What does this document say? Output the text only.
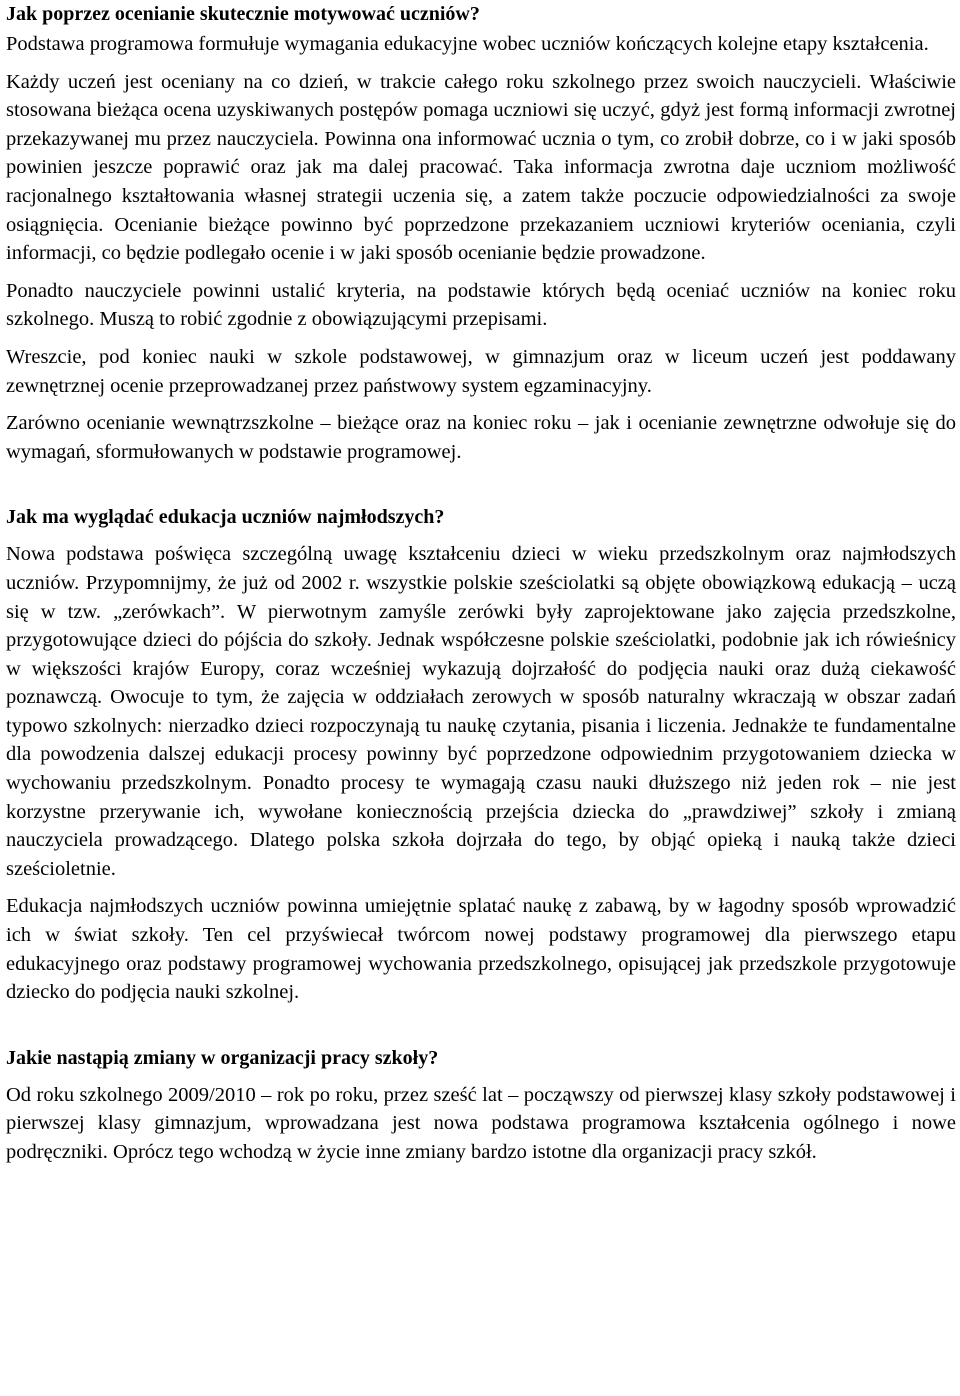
Jak poprzez ocenianie skutecznie motywować uczniów?

Podstawa programowa formułuje wymagania edukacyjne wobec uczniów kończących kolejne etapy kształcenia.

Każdy uczeń jest oceniany na co dzień, w trakcie całego roku szkolnego przez swoich nauczycieli. Właściwie stosowana bieżąca ocena uzyskiwanych postępów pomaga uczniowi się uczyć, gdyż jest formą informacji zwrotnej przekazywanej mu przez nauczyciela. Powinna ona informować ucznia o tym, co zrobił dobrze, co i w jaki sposób powinien jeszcze poprawić oraz jak ma dalej pracować. Taka informacja zwrotna daje uczniom możliwość racjonalnego kształtowania własnej strategii uczenia się, a zatem także poczucie odpowiedzialności za swoje osiągnięcia. Ocenianie bieżące powinno być poprzedzone przekazaniem uczniowi kryteriów oceniania, czyli informacji, co będzie podlegało ocenie i w jaki sposób ocenianie będzie prowadzone.

Ponadto nauczyciele powinni ustalić kryteria, na podstawie których będą oceniać uczniów na koniec roku szkolnego. Muszą to robić zgodnie z obowiązującymi przepisami.

Wreszcie, pod koniec nauki w szkole podstawowej, w gimnazjum oraz w liceum uczeń jest poddawany zewnętrznej ocenie przeprowadzanej przez państwowy system egzaminacyjny.

Zarówno ocenianie wewnątrzszkolne – bieżące oraz na koniec roku – jak i ocenianie zewnętrzne odwołuje się do wymagań, sformułowanych w podstawie programowej.

Jak ma wyglądać edukacja uczniów najmłodszych?

Nowa podstawa poświęca szczególną uwagę kształceniu dzieci w wieku przedszkolnym oraz najmłodszych uczniów. Przypomnijmy, że już od 2002 r. wszystkie polskie sześciolatki są objęte obowiązkową edukacją – uczą się w tzw. „zerówkach”. W pierwotnym zamyśle zerówki były zaprojektowane jako zajęcia przedszkolne, przygotowujące dzieci do pójścia do szkoły. Jednak współczesne polskie sześciolatki, podobnie jak ich rówieśnicy w większości krajów Europy, coraz wcześniej wykazują dojrzałość do podjęcia nauki oraz dużą ciekawość poznawczą. Owocuje to tym, że zajęcia w oddziałach zerowych w sposób naturalny wkraczają w obszar zadań typowo szkolnych: nierzadko dzieci rozpoczynają tu naukę czytania, pisania i liczenia. Jednakże te fundamentalne dla powodzenia dalszej edukacji procesy powinny być poprzedzone odpowiednim przygotowaniem dziecka w wychowaniu przedszkolnym. Ponadto procesy te wymagają czasu nauki dłuższego niż jeden rok – nie jest korzystne przerywanie ich, wywołane koniecznością przejścia dziecka do „prawdziwej” szkoły i zmianą nauczyciela prowadzącego. Dlatego polska szkoła dojrzała do tego, by objąć opieką i nauką także dzieci sześcioletnie.

Edukacja najmłodszych uczniów powinna umiejętnie splatać naukę z zabawą, by w łagodny sposób wprowadzić ich w świat szkoły. Ten cel przyświecał twórcom nowej podstawy programowej dla pierwszego etapu edukacyjnego oraz podstawy programowej wychowania przedszkolnego, opisującej jak przedszkole przygotowuje dziecko do podjęcia nauki szkolnej.

Jakie nastąpią zmiany w organizacji pracy szkoły?

Od roku szkolnego 2009/2010 – rok po roku, przez sześć lat – począwszy od pierwszej klasy szkoły podstawowej i pierwszej klasy gimnazjum, wprowadzana jest nowa podstawa programowa kształcenia ogólnego i nowe podręczniki. Oprócz tego wchodzą w życie inne zmiany bardzo istotne dla organizacji pracy szkół.
